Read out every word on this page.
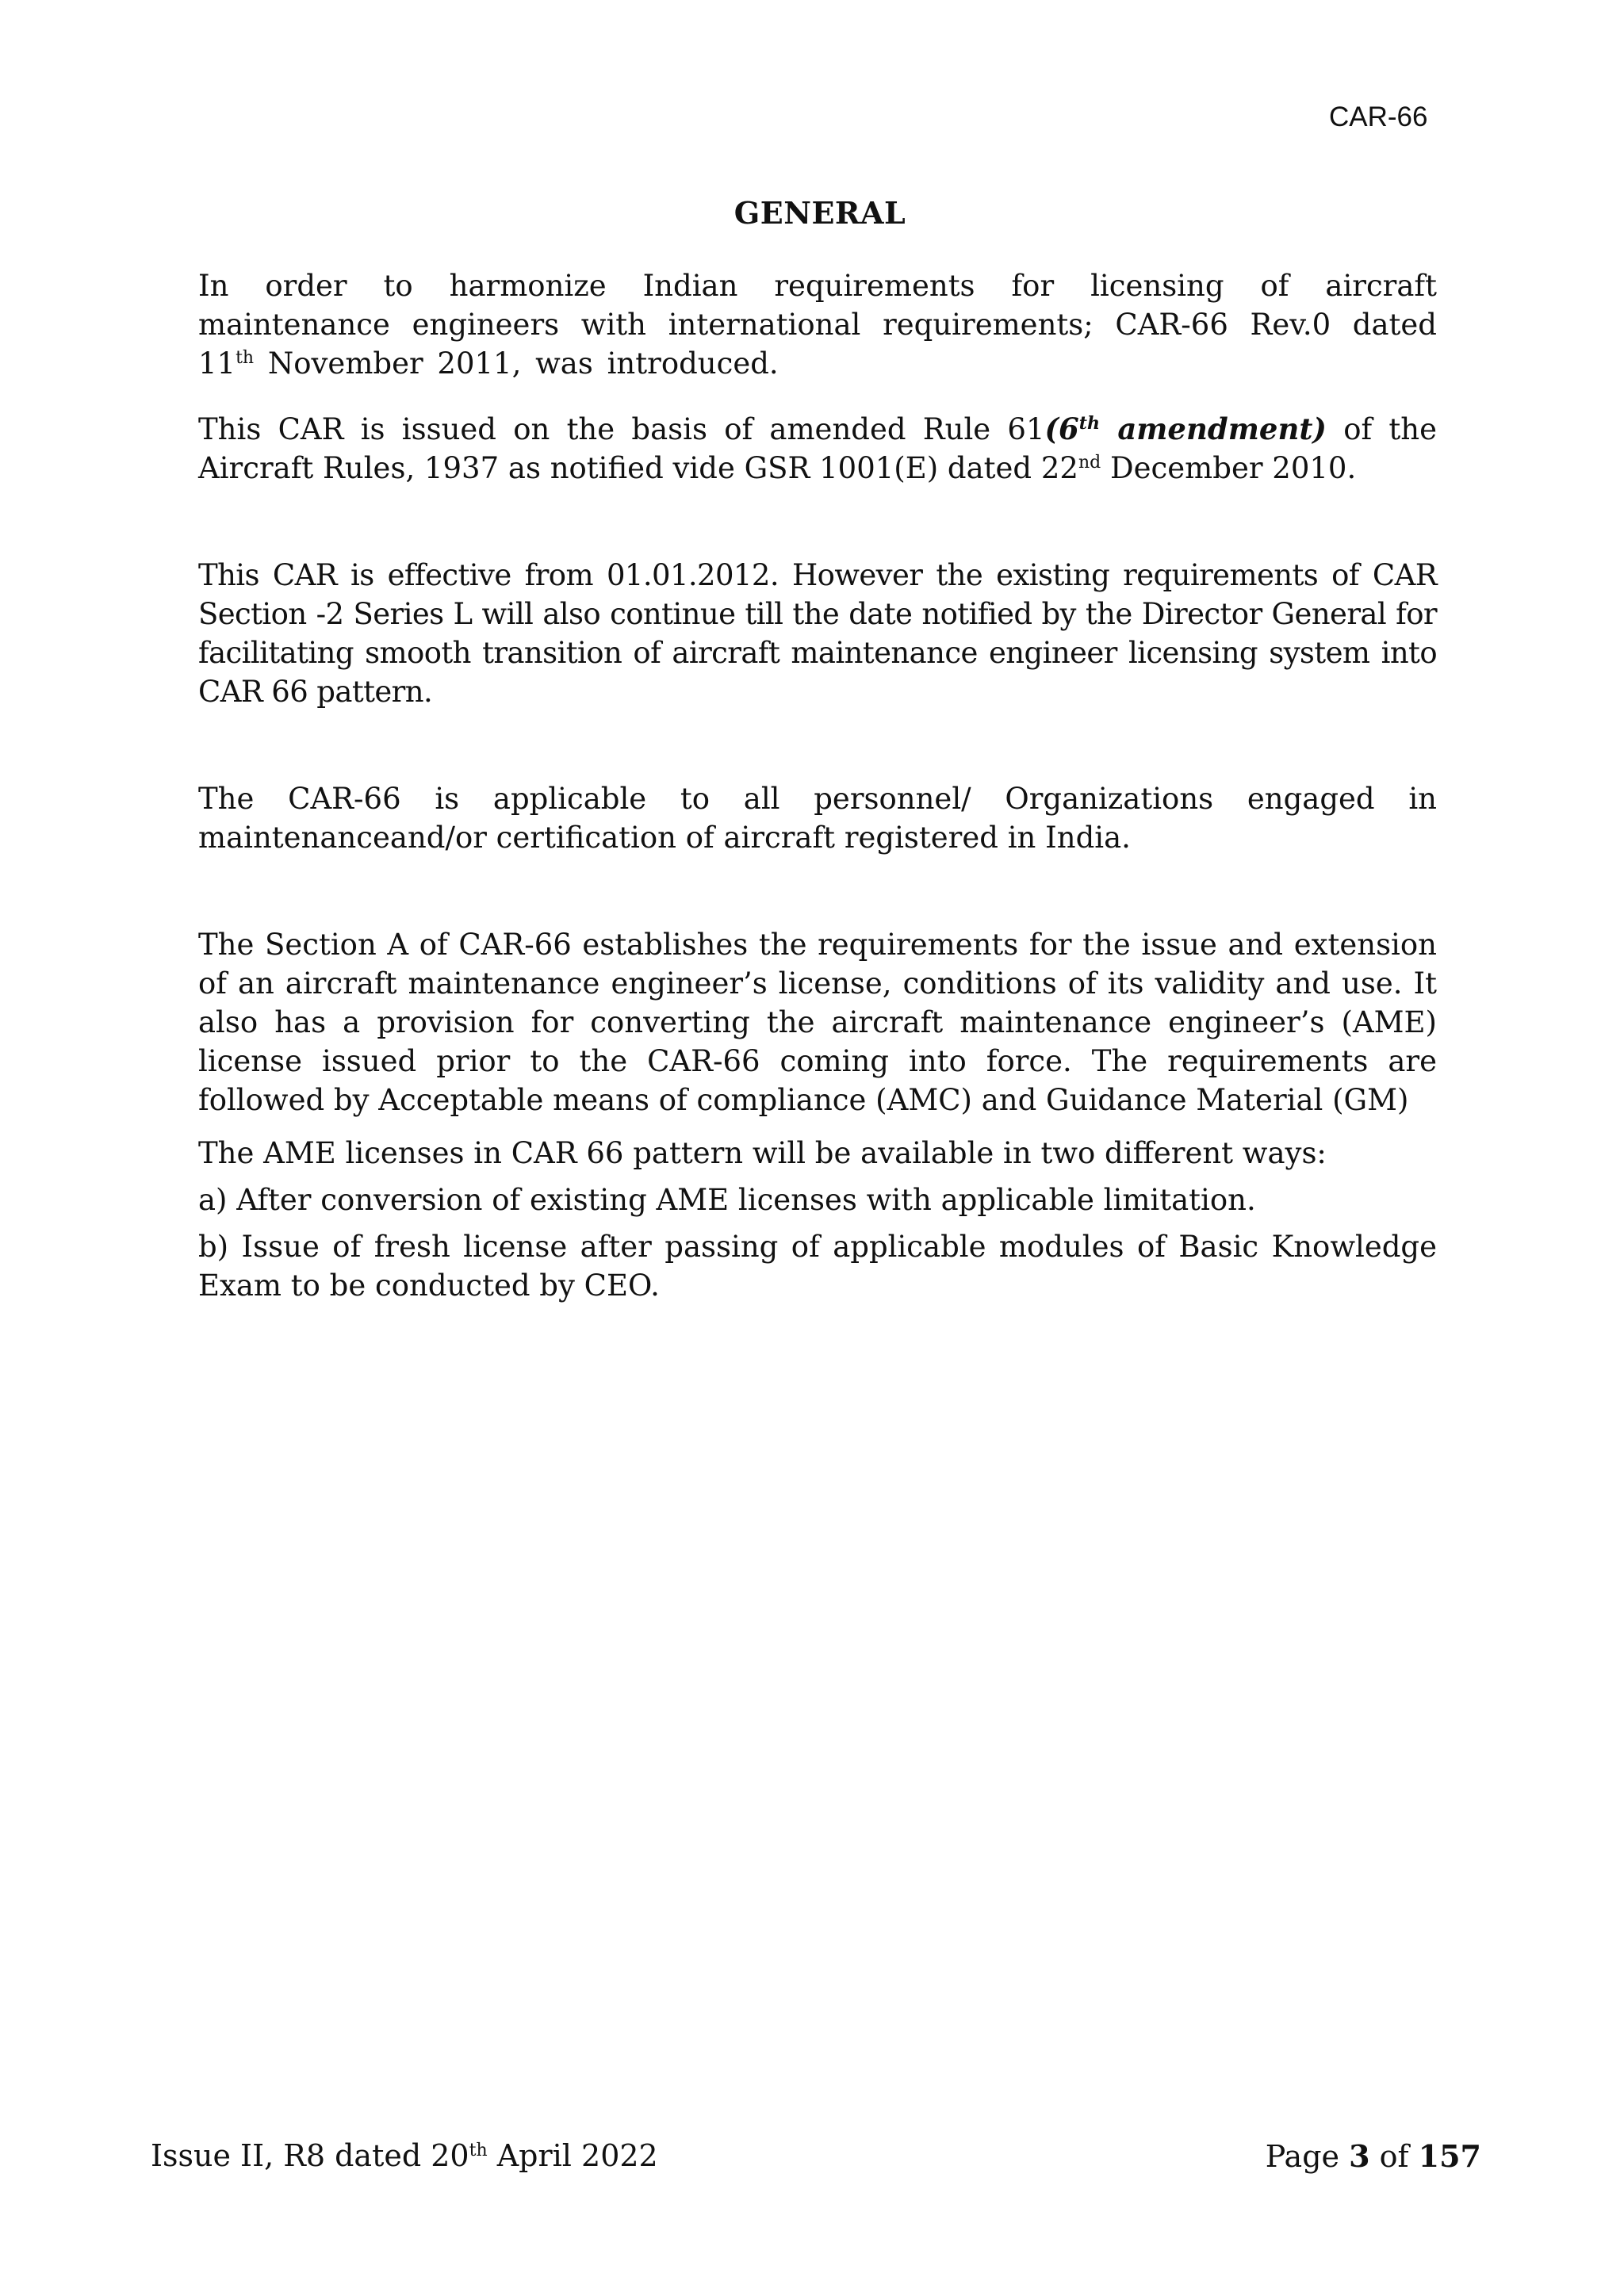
CAR-66
GENERAL

In order to harmonize Indian requirements for licensing of aircraft maintenance engineers with international requirements; CAR-66 Rev.0 dated 11th November 2011, was introduced.

This CAR is issued on the basis of amended Rule 61(6th amendment) of the Aircraft Rules, 1937 as notified vide GSR 1001(E) dated 22nd December 2010.

This CAR is effective from 01.01.2012. However the existing requirements of CAR Section -2 Series L will also continue till the date notified by the Director General for facilitating smooth transition of aircraft maintenance engineer licensing system into CAR 66 pattern.

The CAR-66 is applicable to all personnel/ Organizations engaged in maintenanceand/or certification of aircraft registered in India.

The Section A of CAR-66 establishes the requirements for the issue and extension of an aircraft maintenance engineer’s license, conditions of its validity and use. It also has a provision for converting the aircraft maintenance engineer’s (AME) license issued prior to the CAR-66 coming into force. The requirements are followed by Acceptable means of compliance (AMC) and Guidance Material (GM)

The AME licenses in CAR 66 pattern will be available in two different ways:

a) After conversion of existing AME licenses with applicable limitation.

b) Issue of fresh license after passing of applicable modules of Basic Knowledge Exam to be conducted by CEO.

Issue II, R8 dated 20th April 2022	Page 3 of 157
